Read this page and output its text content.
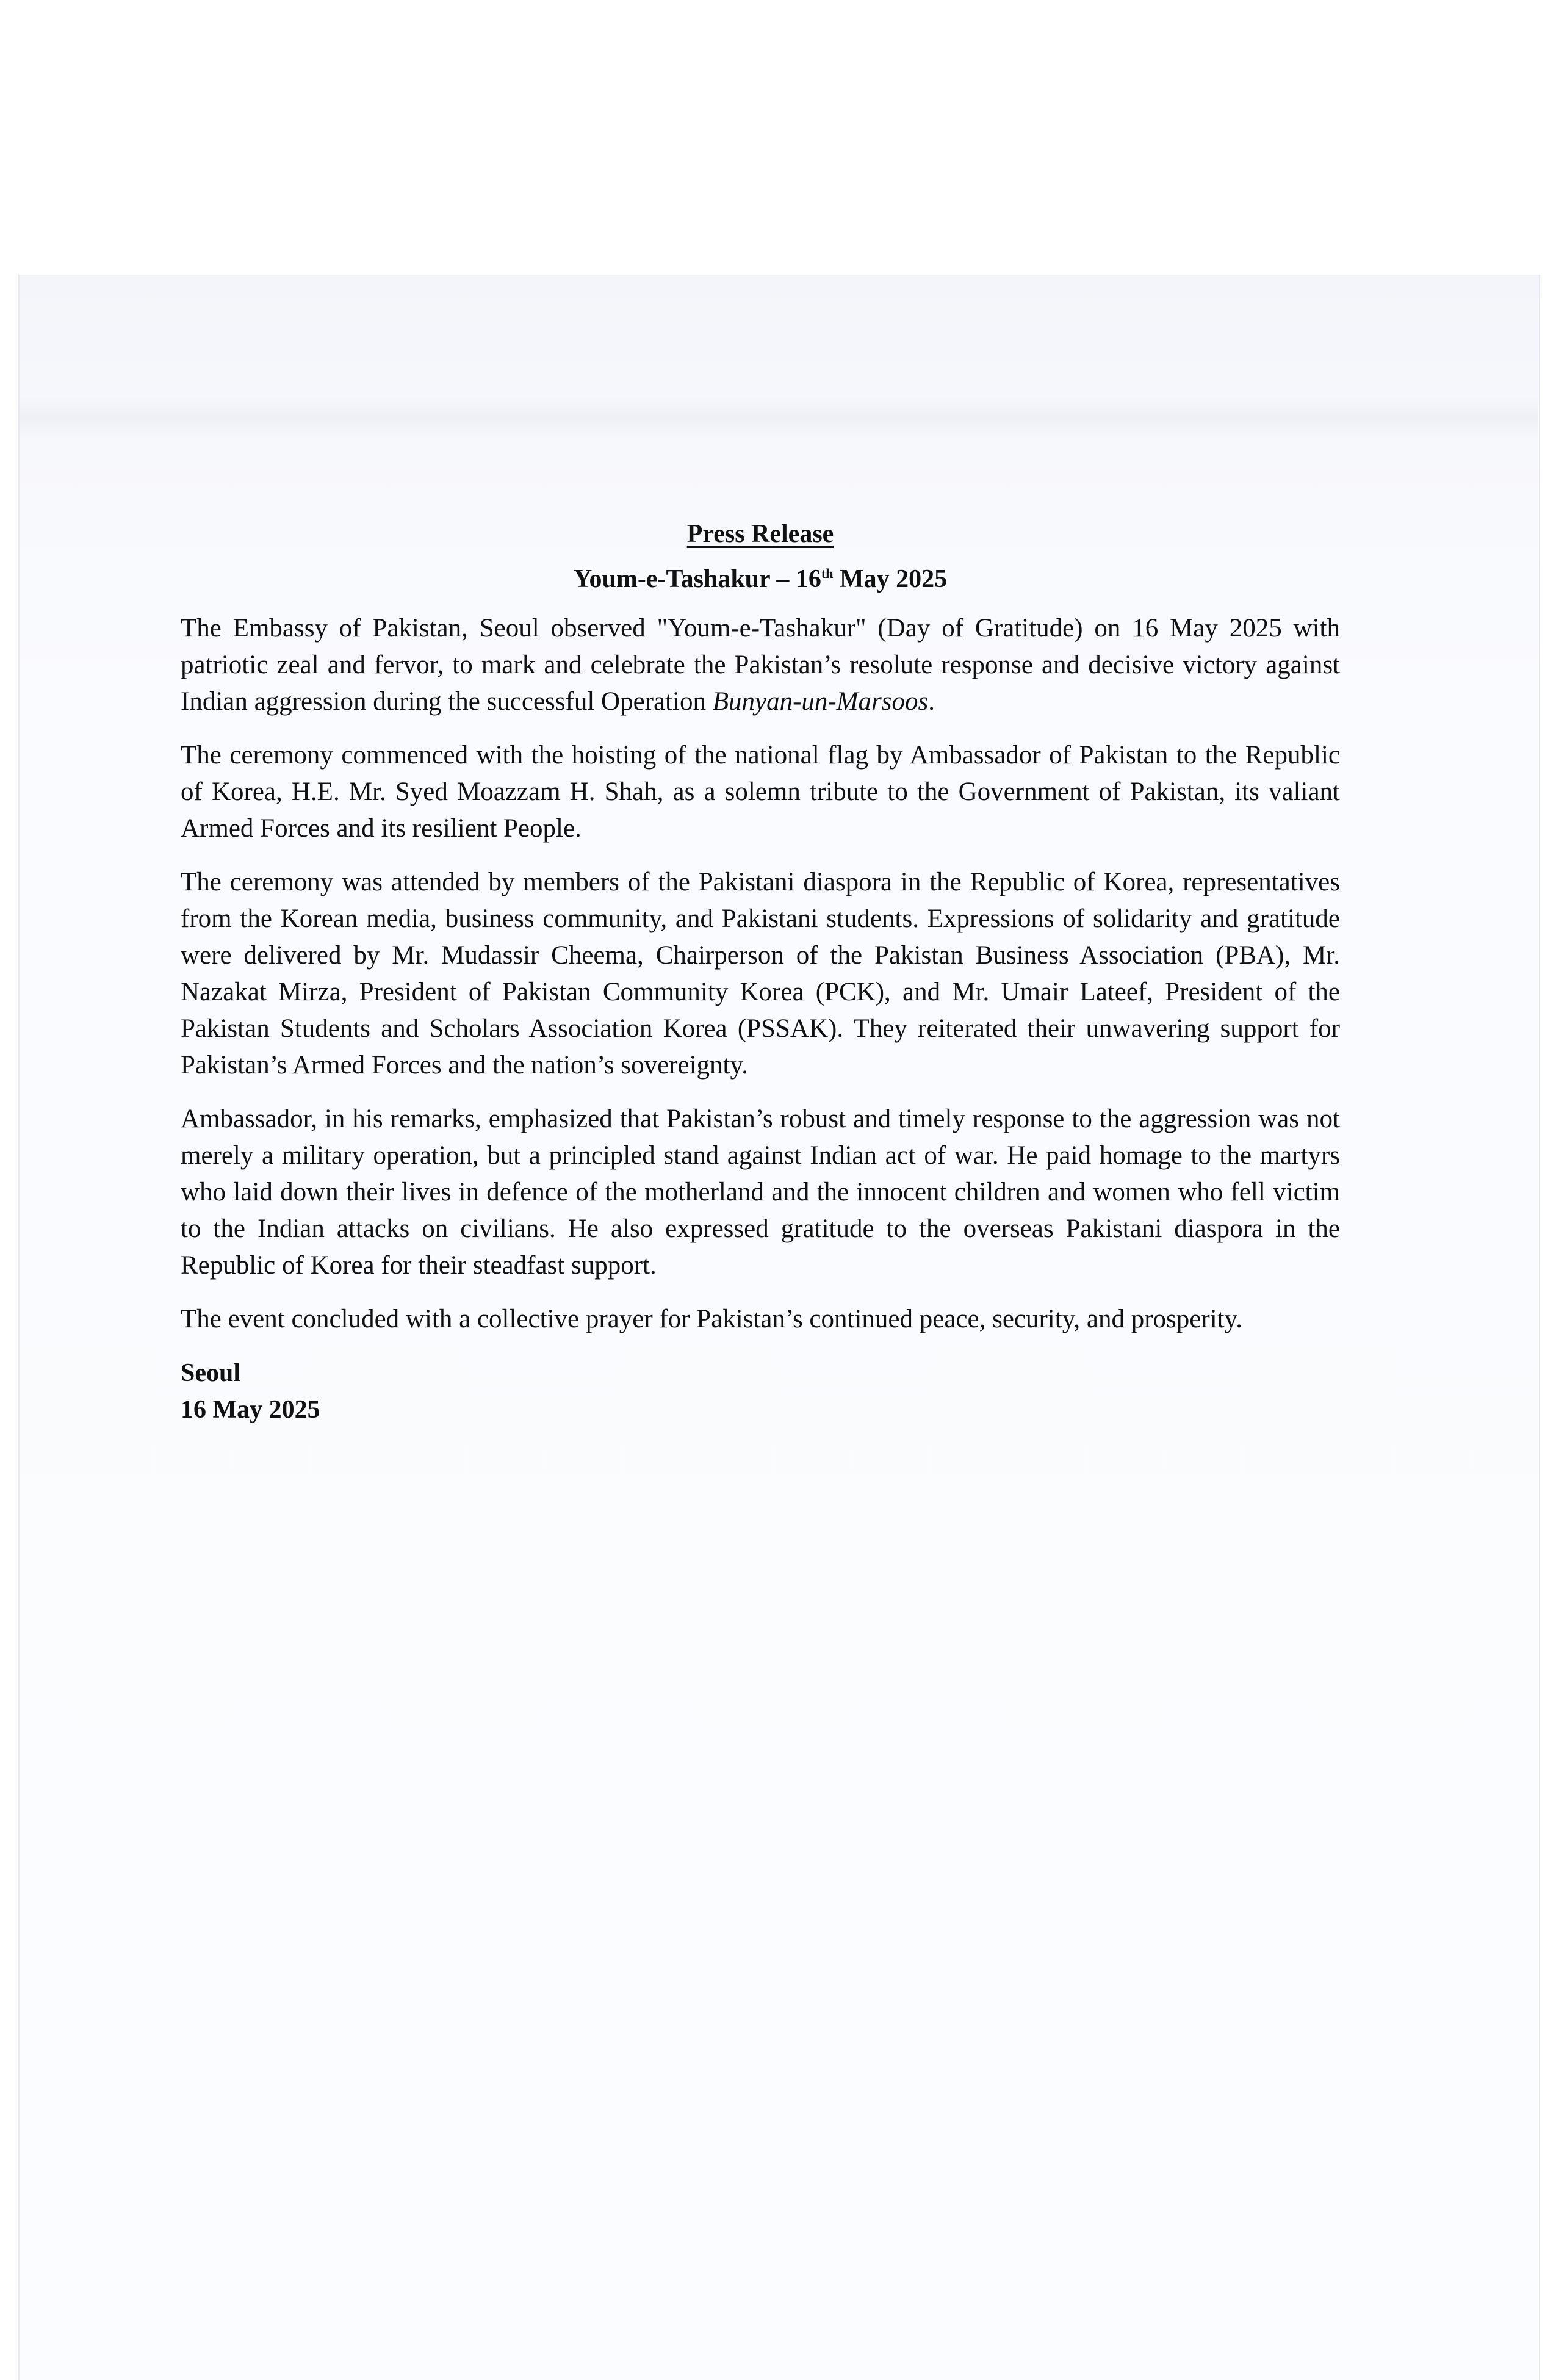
Press Release

Youm-e-Tashakur – 16th May 2025

The Embassy of Pakistan, Seoul observed "Youm-e-Tashakur" (Day of Gratitude) on 16 May 2025 with patriotic zeal and fervor, to mark and celebrate the Pakistan’s resolute response and decisive victory against Indian aggression during the successful Operation Bunyan-un-Marsoos.

The ceremony commenced with the hoisting of the national flag by Ambassador of Pakistan to the Republic of Korea, H.E. Mr. Syed Moazzam H. Shah, as a solemn tribute to the Government of Pakistan, its valiant Armed Forces and its resilient People.

The ceremony was attended by members of the Pakistani diaspora in the Republic of Korea, representatives from the Korean media, business community, and Pakistani students. Expressions of solidarity and gratitude were delivered by Mr. Mudassir Cheema, Chairperson of the Pakistan Business Association (PBA), Mr. Nazakat Mirza, President of Pakistan Community Korea (PCK), and Mr. Umair Lateef, President of the Pakistan Students and Scholars Association Korea (PSSAK). They reiterated their unwavering support for Pakistan’s Armed Forces and the nation’s sovereignty.

Ambassador, in his remarks, emphasized that Pakistan’s robust and timely response to the aggression was not merely a military operation, but a principled stand against Indian act of war. He paid homage to the martyrs who laid down their lives in defence of the motherland and the innocent children and women who fell victim to the Indian attacks on civilians. He also expressed gratitude to the overseas Pakistani diaspora in the Republic of Korea for their steadfast support.

The event concluded with a collective prayer for Pakistan’s continued peace, security, and prosperity.

Seoul
16 May 2025
